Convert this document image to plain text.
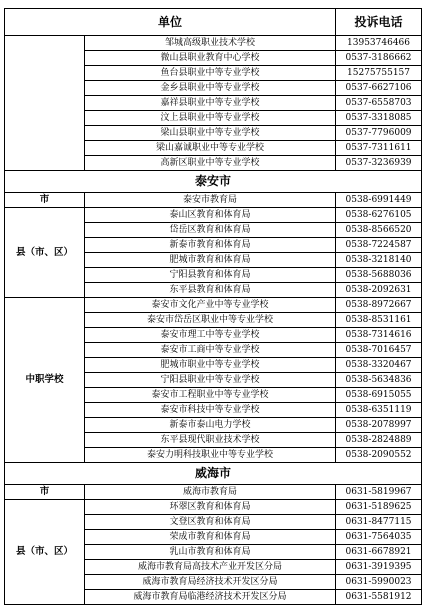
单位		投诉电话
	邹城高级职业技术学校	13953746466
	微山县职业教育中心学校	0537-3186662
	鱼台县职业中等专业学校	15275755157
	金乡县职业中等专业学校	0537-6627106
	嘉祥县职业中等专业学校	0537-6558703
	汶上县职业中等专业学校	0537-3318085
	梁山县职业中等专业学校	0537-7796009
	梁山嘉诚职业中等专业学校	0537-7311611
	高新区职业中等专业学校	0537-3236939
泰安市		
市	泰安市教育局	0538-6991449
县（市、区）	泰山区教育和体育局	0538-6276105
	岱岳区教育和体育局	0538-8566520
	新泰市教育和体育局	0538-7224587
	肥城市教育和体育局	0538-3218140
	宁阳县教育和体育局	0538-5688036
	东平县教育和体育局	0538-2092631
中职学校	泰安市文化产业中等专业学校	0538-8972667
	泰安市岱岳区职业中等专业学校	0538-8531161
	泰安市理工中等专业学校	0538-7314616
	泰安市工商中等专业学校	0538-7016457
	肥城市职业中等专业学校	0538-3320467
	宁阳县职业中等专业学校	0538-5634836
	泰安市工程职业中等专业学校	0538-6915055
	泰安市科技中等专业学校	0538-6351119
	新泰市泰山电力学校	0538-2078997
	东平县现代职业技术学校	0538-2824889
	泰安力明科技职业中等专业学校	0538-2090552
威海市		
市	威海市教育局	0631-5819967
县（市、区）	环翠区教育和体育局	0631-5189625
	文登区教育和体育局	0631-8477115
	荣成市教育和体育局	0631-7564035
	乳山市教育和体育局	0631-6678921
	威海市教育局高技术产业开发区分局	0631-3919395
	威海市教育局经济技术开发区分局	0631-5990023
	威海市教育局临港经济技术开发区分局	0631-5581912
